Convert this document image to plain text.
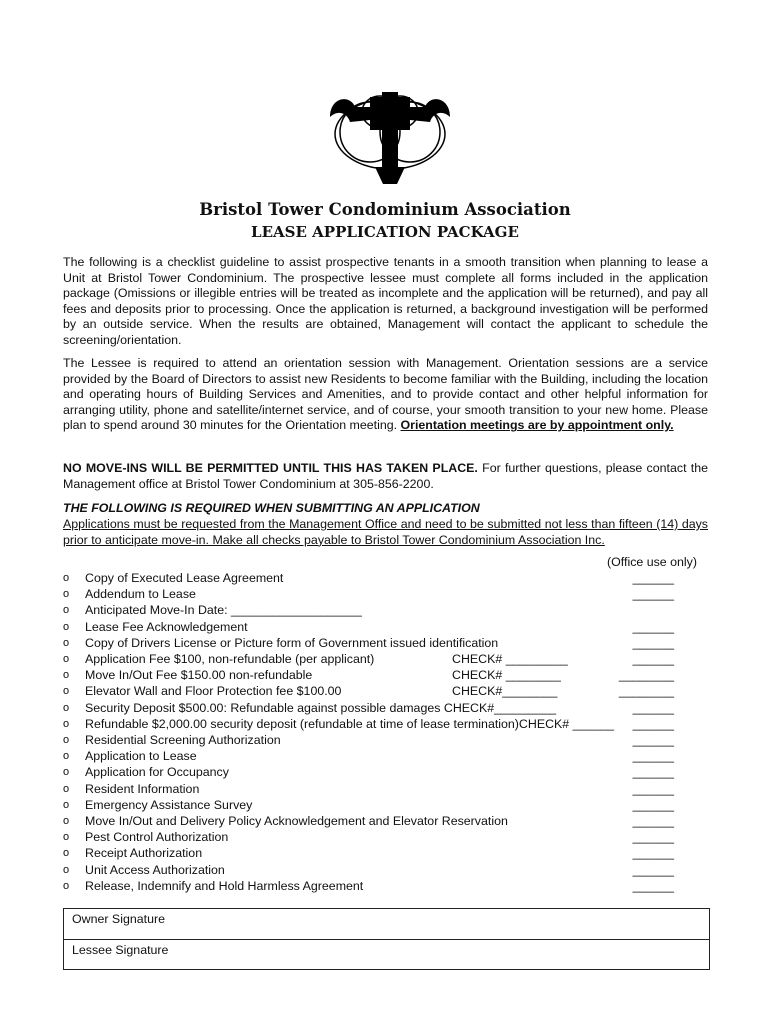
Bristol Tower Condominium Association
LEASE APPLICATION PACKAGE

The following is a checklist guideline to assist prospective tenants in a smooth transition when planning to lease a Unit at Bristol Tower Condominium. The prospective lessee must complete all forms included in the application package (Omissions or illegible entries will be treated as incomplete and the application will be returned), and pay all fees and deposits prior to processing. Once the application is returned, a background investigation will be performed by an outside service. When the results are obtained, Management will contact the applicant to schedule the screening/orientation.

The Lessee is required to attend an orientation session with Management. Orientation sessions are a service provided by the Board of Directors to assist new Residents to become familiar with the Building, including the location and operating hours of Building Services and Amenities, and to provide contact and other helpful information for arranging utility, phone and satellite/internet service, and of course, your smooth transition to your new home. Please plan to spend around 30 minutes for the Orientation meeting. Orientation meetings are by appointment only.

NO MOVE-INS WILL BE PERMITTED UNTIL THIS HAS TAKEN PLACE. For further questions, please contact the Management office at Bristol Tower Condominium at 305-856-2200.

THE FOLLOWING IS REQUIRED WHEN SUBMITTING AN APPLICATION

Applications must be requested from the Management Office and need to be submitted not less than fifteen (14) days prior to anticipate move-in. Make all checks payable to Bristol Tower Condominium Association Inc.

(Office use only)
o Copy of Executed Lease Agreement	______
o Addendum to Lease	______
o Anticipated Move-In Date: ___________________
o Lease Fee Acknowledgement	______
o Copy of Drivers License or Picture form of Government issued identification	______
o Application Fee $100, non-refundable (per applicant)	CHECK# _________	______
o Move In/Out Fee $150.00 non-refundable	CHECK# ________	________
o Elevator Wall and Floor Protection fee $100.00	CHECK#________	________
o Security Deposit $500.00: Refundable against possible damages CHECK#_________	______
o Refundable $2,000.00 security deposit (refundable at time of lease termination)CHECK# ______ ______
o Residential Screening Authorization	______
o Application to Lease	______
o Application for Occupancy	______
o Resident Information	______
o Emergency Assistance Survey	______
o Move In/Out and Delivery Policy Acknowledgement and Elevator Reservation	______
o Pest Control Authorization	______
o Receipt Authorization	______
o Unit Access Authorization	______
o Release, Indemnify and Hold Harmless Agreement	______
Owner Signature
Lessee Signature
